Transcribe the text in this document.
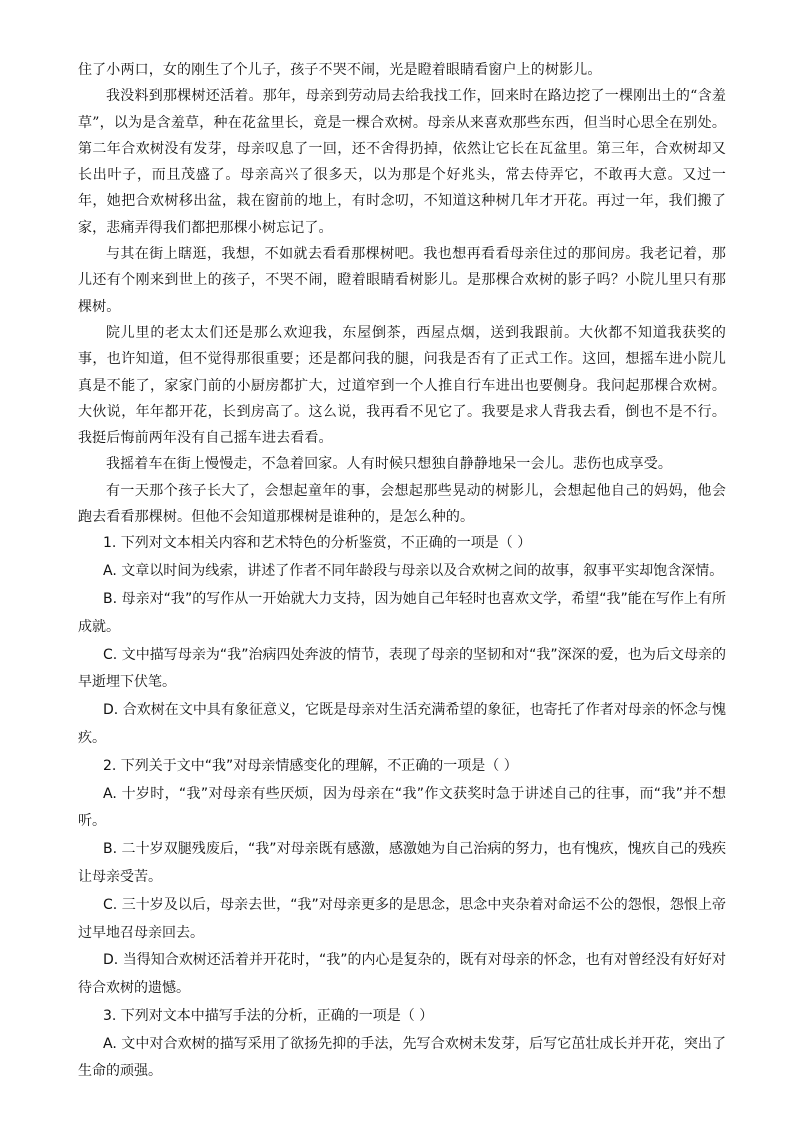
住了小两口，女的刚生了个儿子，孩子不哭不闹，光是瞪着眼睛看窗户上的树影儿。

我没料到那棵树还活着。那年，母亲到劳动局去给我找工作，回来时在路边挖了一棵刚出土的“含羞草”，以为是含羞草，种在花盆里长，竟是一棵合欢树。母亲从来喜欢那些东西，但当时心思全在别处。第二年合欢树没有发芽，母亲叹息了一回，还不舍得扔掉，依然让它长在瓦盆里。第三年，合欢树却又长出叶子，而且茂盛了。母亲高兴了很多天，以为那是个好兆头，常去侍弄它，不敢再大意。又过一年，她把合欢树移出盆，栽在窗前的地上，有时念叨，不知道这种树几年才开花。再过一年，我们搬了家，悲痛弄得我们都把那棵小树忘记了。

与其在街上瞎逛，我想，不如就去看看那棵树吧。我也想再看看母亲住过的那间房。我老记着，那儿还有个刚来到世上的孩子，不哭不闹，瞪着眼睛看树影儿。是那棵合欢树的影子吗？小院儿里只有那棵树。

院儿里的老太太们还是那么欢迎我，东屋倒茶，西屋点烟，送到我跟前。大伙都不知道我获奖的事，也许知道，但不觉得那很重要；还是都问我的腿，问我是否有了正式工作。这回，想摇车进小院儿真是不能了，家家门前的小厨房都扩大，过道窄到一个人推自行车进出也要侧身。我问起那棵合欢树。大伙说，年年都开花，长到房高了。这么说，我再看不见它了。我要是求人背我去看，倒也不是不行。我挺后悔前两年没有自己摇车进去看看。

我摇着车在街上慢慢走，不急着回家。人有时候只想独自静静地呆一会儿。悲伤也成享受。

有一天那个孩子长大了，会想起童年的事，会想起那些晃动的树影儿，会想起他自己的妈妈，他会跑去看看那棵树。但他不会知道那棵树是谁种的，是怎么种的。

1. 下列对文本相关内容和艺术特色的分析鉴赏，不正确的一项是（ ）

A. 文章以时间为线索，讲述了作者不同年龄段与母亲以及合欢树之间的故事，叙事平实却饱含深情。

B. 母亲对“我”的写作从一开始就大力支持，因为她自己年轻时也喜欢文学，希望“我”能在写作上有所成就。

C. 文中描写母亲为“我”治病四处奔波的情节，表现了母亲的坚韧和对“我”深深的爱，也为后文母亲的早逝埋下伏笔。

D. 合欢树在文中具有象征意义，它既是母亲对生活充满希望的象征，也寄托了作者对母亲的怀念与愧疚。

2. 下列关于文中“我”对母亲情感变化的理解，不正确的一项是（ ）

A. 十岁时，“我”对母亲有些厌烦，因为母亲在“我”作文获奖时急于讲述自己的往事，而“我”并不想听。

B. 二十岁双腿残废后，“我”对母亲既有感激，感激她为自己治病的努力，也有愧疚，愧疚自己的残疾让母亲受苦。

C. 三十岁及以后，母亲去世，“我”对母亲更多的是思念，思念中夹杂着对命运不公的怨恨，怨恨上帝过早地召母亲回去。

D. 当得知合欢树还活着并开花时，“我”的内心是复杂的，既有对母亲的怀念，也有对曾经没有好好对待合欢树的遗憾。

3. 下列对文本中描写手法的分析，正确的一项是（ ）

A. 文中对合欢树的描写采用了欲扬先抑的手法，先写合欢树未发芽，后写它茁壮成长并开花，突出了生命的顽强。
